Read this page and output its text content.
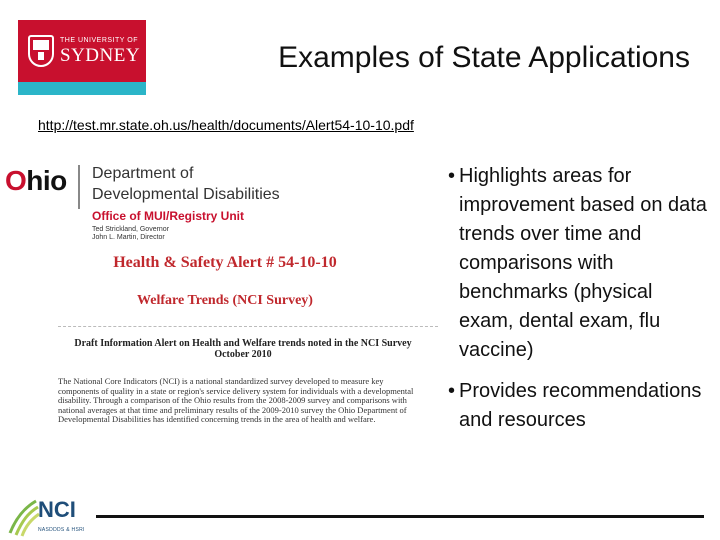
THE UNIVERSITY OF
SYDNEY	Examples of State Applications
http://test.mr.state.oh.us/health/documents/Alert54-10-10.pdf
Ohio Department of
Developmental Disabilities
Office of MUI/Registry Unit
Ted Strickland, Governor
John L. Martin, Director
Health & Safety Alert # 54-10-10
Welfare Trends (NCI Survey)
Draft Information Alert on Health and Welfare trends noted in the NCI Survey
October 2010
The National Core Indicators (NCI) is a national standardized survey developed to measure key components of quality in a state or region's service delivery system for individuals with a developmental disability. Through a comparison of the Ohio results from the 2008-2009 survey and comparisons with national averages at that time and preliminary results of the 2009-2010 survey the Ohio Department of Developmental Disabilities has identified concerning trends in the area of health and welfare.
• Highlights areas for improvement based on data trends over time and comparisons with benchmarks (physical exam, dental exam, flu vaccine)
• Provides recommendations and resources
NCI
NASDDDS & HSRI
